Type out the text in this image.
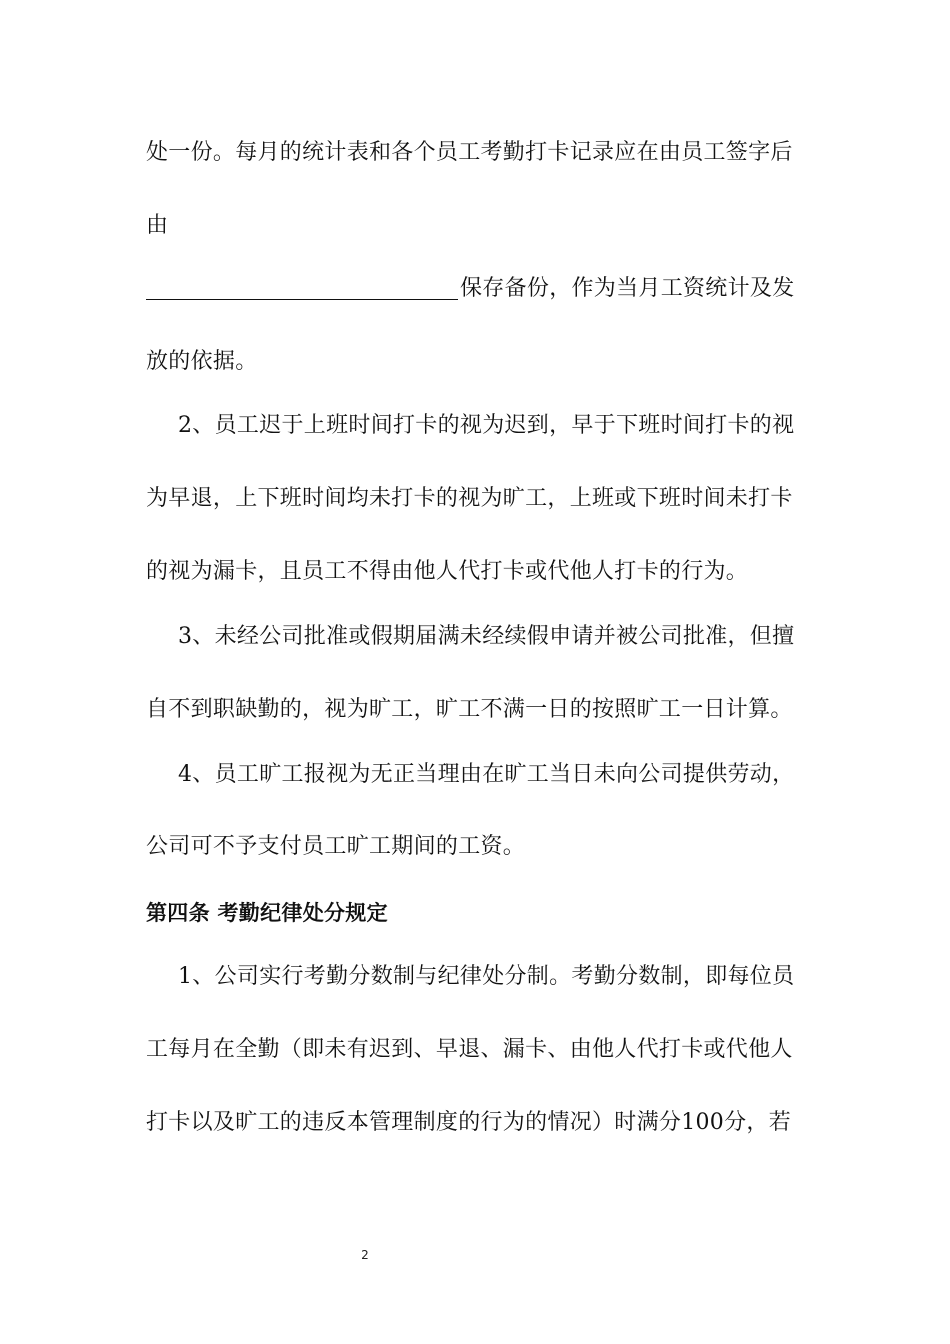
处一份。每月的统计表和各个员工考勤打卡记录应在由员工签字后
由
保存备份，作为当月工资统计及发
放的依据。
2、员工迟于上班时间打卡的视为迟到，早于下班时间打卡的视
为早退，上下班时间均未打卡的视为旷工，上班或下班时间未打卡
的视为漏卡，且员工不得由他人代打卡或代他人打卡的行为。
3、未经公司批准或假期届满未经续假申请并被公司批准，但擅
自不到职缺勤的，视为旷工，旷工不满一日的按照旷工一日计算。
4、员工旷工报视为无正当理由在旷工当日未向公司提供劳动，
公司可不予支付员工旷工期间的工资。
第四条 考勤纪律处分规定
1、公司实行考勤分数制与纪律处分制。考勤分数制，即每位员
工每月在全勤（即未有迟到、早退、漏卡、由他人代打卡或代他人
打卡以及旷工的违反本管理制度的行为的情况）时满分100分，若
2
